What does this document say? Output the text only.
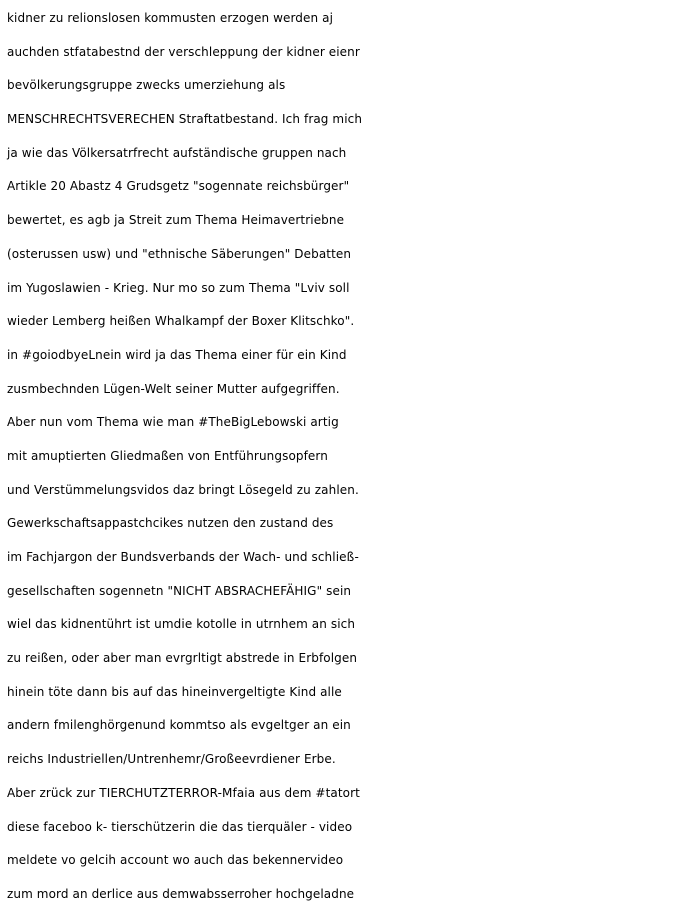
kidner zu relionslosen kommusten erzogen werden aj
auchden stfatabestnd der verschleppung der kidner eienr
bevölkerungsgruppe zwecks umerziehung als
MENSCHRECHTSVERECHEN Straftatbestand. Ich frag mich
ja wie das Völkersatrfrecht aufständische gruppen nach
Artikle 20 Abastz 4 Grudsgetz "sogennate reichsbürger"
bewertet, es agb ja Streit zum Thema Heimavertriebne
(osterussen usw) und "ethnische Säberungen" Debatten
im Yugoslawien - Krieg. Nur mo so zum Thema "Lviv soll
wieder Lemberg heißen Whalkampf der Boxer Klitschko".
in #goiodbyeLnein wird ja das Thema einer für ein Kind
zusmbechnden Lügen-Welt seiner Mutter aufgegriffen.
Aber nun vom Thema wie man #TheBigLebowski artig
mit amuptierten Gliedmaßen von Entführungsopfern
und Verstümmelungsvidos daz bringt Lösegeld zu zahlen.
Gewerkschaftsappastchcikes nutzen den zustand des
im Fachjargon der Bundsverbands der Wach- und schließ-
gesellschaften sogennetn "NICHT ABSRACHEFÄHIG" sein
wiel das kidnentührt ist umdie kotolle in utrnhem an sich
zu reißen, oder aber man evrgrltigt abstrede in Erbfolgen
hinein töte dann bis auf das hineinvergeltigte Kind alle
andern fmilenghörgenund kommtso als evgeltger an ein
reichs Industriellen/Untrenhemr/Großeevrdiener Erbe.
Aber zrück zur TIERCHUTZTERROR-Mfaia aus dem #tatort
diese faceboo k- tierschützerin die das tierquäler - video
meldete vo gelcih account wo auch das bekennervideo
zum mord an derlice aus demwabsserroher hochgeladne
